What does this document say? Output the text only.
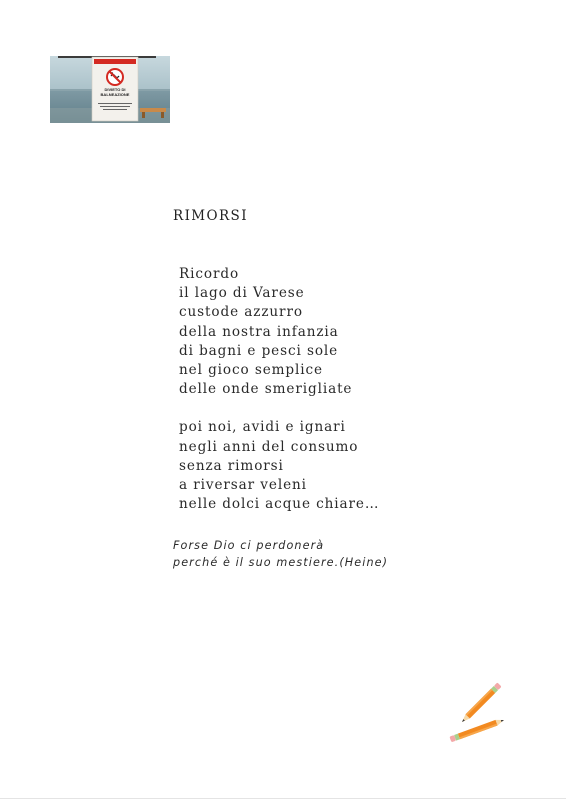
DIVIETO DI BALNEAZIONE
RIMORSI
Ricordo
il lago di Varese
custode azzurro
della nostra infanzia
di bagni e pesci sole
nel gioco semplice
delle onde smerigliate
poi noi, avidi e ignari
negli anni del consumo
senza rimorsi
a riversar veleni
nelle dolci acque chiare…
Forse Dio ci perdonerà
perché è il suo mestiere.(Heine)
